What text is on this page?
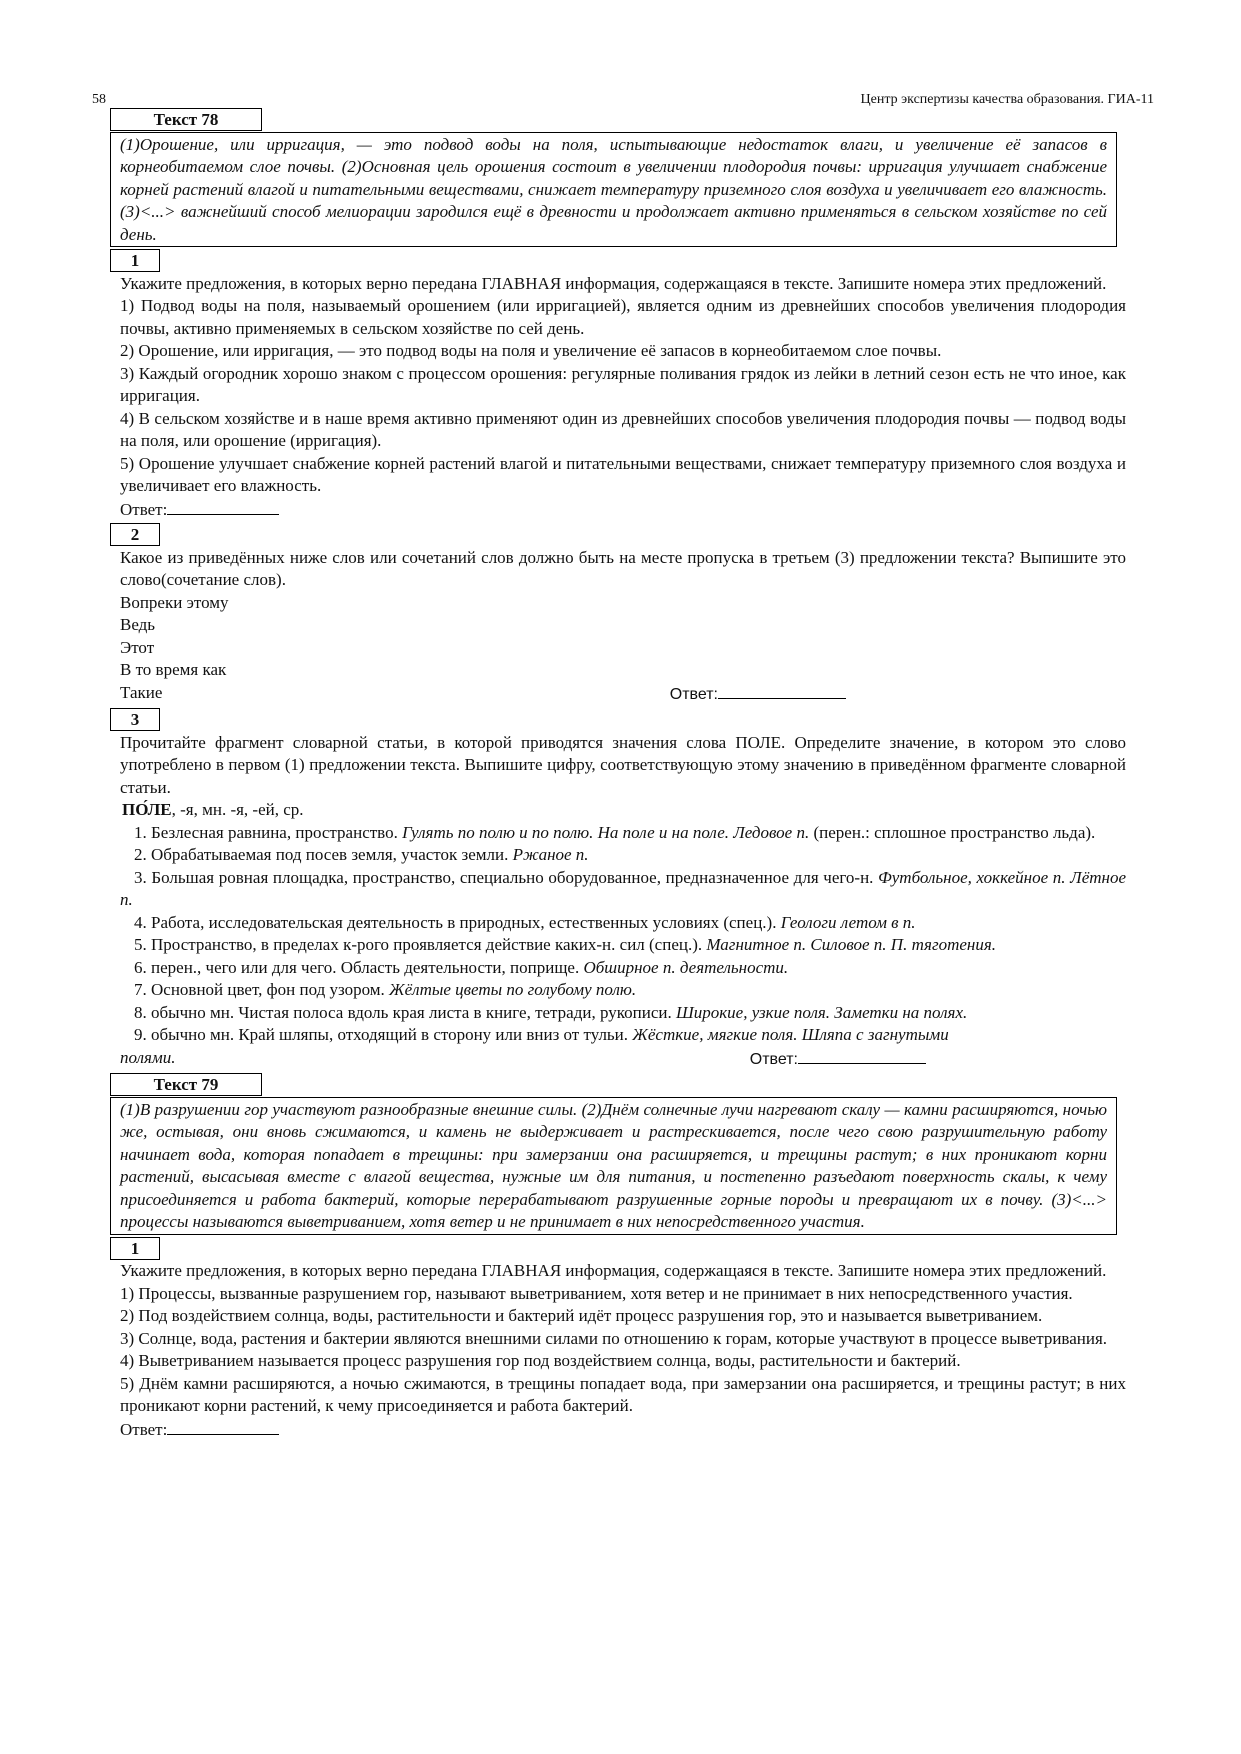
58	Центр экспертизы качества образования. ГИА-11
Текст 78
(1)Орошение, или ирригация, — это подвод воды на поля, испытывающие недостаток влаги, и увеличение её запасов в корнеобитаемом слое почвы. (2)Основная цель орошения состоит в увеличении плодородия почвы: ирригация улучшает снабжение корней растений влагой и питательными веществами, снижает температуру приземного слоя воздуха и увеличивает его влажность. (3)<...> важнейший способ мелиорации зародился ещё в древности и продолжает активно применяться в сельском хозяйстве по сей день.
1

Укажите предложения, в которых верно передана ГЛАВНАЯ информация, содержащаяся в тексте. Запишите номера этих предложений.

1) Подвод воды на поля, называемый орошением (или ирригацией), является одним из древнейших способов увеличения плодородия почвы, активно применяемых в сельском хозяйстве по сей день.

2) Орошение, или ирригация, — это подвод воды на поля и увеличение её запасов в корнеобитаемом слое почвы.

3) Каждый огородник хорошо знаком с процессом орошения: регулярные поливания грядок из лейки в летний сезон есть не что иное, как ирригация.

4) В сельском хозяйстве и в наше время активно применяют один из древнейших способов увеличения плодородия почвы — подвод воды на поля, или орошение (ирригация).

5) Орошение улучшает снабжение корней растений влагой и питательными веществами, снижает температуру приземного слоя воздуха и увеличивает его влажность.

Ответ:

2

Какое из приведённых ниже слов или сочетаний слов должно быть на месте пропуска в третьем (3) предложении текста? Выпишите это слово(сочетание слов).

Вопреки этому

Ведь

Этот

В то время как

Такие	Ответ:
3

Прочитайте фрагмент словарной статьи, в которой приводятся значения слова ПОЛЕ. Определите значение, в котором это слово употреблено в первом (1) предложении текста. Выпишите цифру, соответствующую этому значению в приведённом фрагменте словарной статьи.

ПО́ЛЕ, -я, мн. -я, -ей, ср.

1. Безлесная равнина, пространство. Гулять по полю и по полю. На поле и на поле. Ледовое п. (перен.: сплошное пространство льда).

2. Обрабатываемая под посев земля, участок земли. Ржаное п.

3. Большая ровная площадка, пространство, специально оборудованное, предназначенное для чего-н. Футбольное, хоккейное п. Лётное п.

4. Работа, исследовательская деятельность в природных, естественных условиях (спец.). Геологи летом в п.

5. Пространство, в пределах к-рого проявляется действие каких-н. сил (спец.). Магнитное п. Силовое п. П. тяготения.

6. перен., чего или для чего. Область деятельности, поприще. Обширное п. деятельности.

7. Основной цвет, фон под узором. Жёлтые цветы по голубому полю.

8. обычно мн. Чистая полоса вдоль края листа в книге, тетради, рукописи. Широкие, узкие поля. Заметки на полях.

9. обычно мн. Край шляпы, отходящий в сторону или вниз от тульи. Жёсткие, мягкие поля. Шляпа с загнутыми

полями.	Ответ:
Текст 79
(1)В разрушении гор участвуют разнообразные внешние силы. (2)Днём солнечные лучи нагревают скалу — камни расширяются, ночью же, остывая, они вновь сжимаются, и камень не выдерживает и растрескивается, после чего свою разрушительную работу начинает вода, которая попадает в трещины: при замерзании она расширяется, и трещины растут; в них проникают корни растений, высасывая вместе с влагой вещества, нужные им для питания, и постепенно разъедают поверхность скалы, к чему присоединяется и работа бактерий, которые перерабатывают разрушенные горные породы и превращают их в почву. (3)<...> процессы называются выветриванием, хотя ветер и не принимает в них непосредственного участия.
1

Укажите предложения, в которых верно передана ГЛАВНАЯ информация, содержащаяся в тексте. Запишите номера этих предложений.

1) Процессы, вызванные разрушением гор, называют выветриванием, хотя ветер и не принимает в них непосредственного участия.

2) Под воздействием солнца, воды, растительности и бактерий идёт процесс разрушения гор, это и называется выветриванием.

3) Солнце, вода, растения и бактерии являются внешними силами по отношению к горам, которые участвуют в процессе выветривания.

4) Выветриванием называется процесс разрушения гор под воздействием солнца, воды, растительности и бактерий.

5) Днём камни расширяются, а ночью сжимаются, в трещины попадает вода, при замерзании она расширяется, и трещины растут; в них проникают корни растений, к чему присоединяется и работа бактерий.

Ответ:
